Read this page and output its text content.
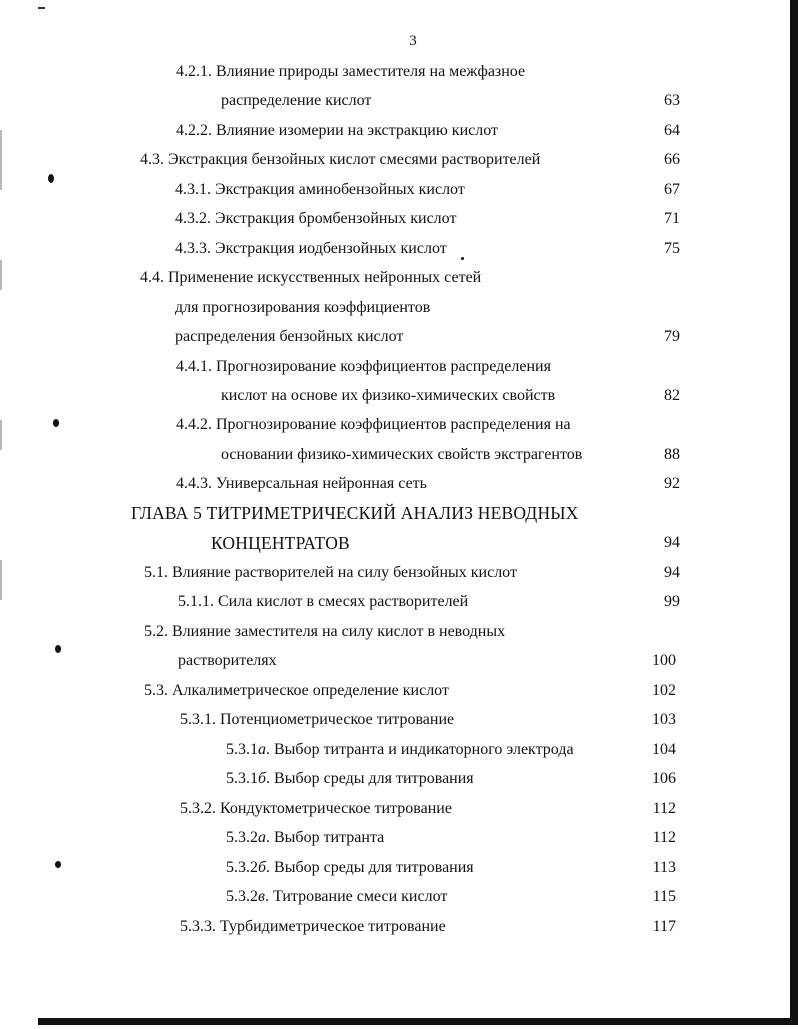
3
4.2.1. Влияние природы заместителя на межфазное
распределение кислот	63
4.2.2. Влияние изомерии на экстракцию кислот	64
4.3. Экстракция бензойных кислот смесями растворителей	66
4.3.1. Экстракция аминобензойных кислот	67
4.3.2. Экстракция бромбензойных кислот	71
4.3.3. Экстракция иодбензойных кислот	75
4.4. Применение искусственных нейронных сетей
для прогнозирования коэффициентов
распределения бензойных кислот	79
4.4.1. Прогнозирование коэффициентов распределения
кислот на основе их физико-химических свойств	82
4.4.2. Прогнозирование коэффициентов распределения на
основании физико-химических свойств экстрагентов	88
4.4.3. Универсальная нейронная сеть	92
ГЛАВА 5 ТИТРИМЕТРИЧЕСКИЙ АНАЛИЗ НЕВОДНЫХ
КОНЦЕНТРАТОВ	94
5.1. Влияние растворителей на силу бензойных кислот	94
5.1.1. Сила кислот в смесях растворителей	99
5.2. Влияние заместителя на силу кислот в неводных
растворителях	100
5.3. Алкалиметрическое определение кислот	102
5.3.1. Потенциометрическое титрование	103
5.3.1а. Выбор титранта и индикаторного электрода	104
5.3.1б. Выбор среды для титрования	106
5.3.2. Кондуктометрическое титрование	112
5.3.2а. Выбор титранта	112
5.3.2б. Выбор среды для титрования	113
5.3.2в. Титрование смеси кислот	115
5.3.3. Турбидиметрическое титрование	117
